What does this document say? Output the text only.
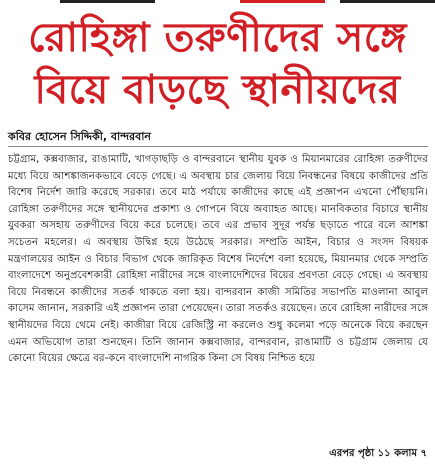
রোহিঙ্গা তরুণীদের সঙ্গে
বিয়ে বাড়ছে স্থানীয়দের
কবির হোসেন সিদ্দিকী, বান্দরবান

চট্টগ্রাম, কক্সবাজার, রাঙামাটি, খাগড়াছড়ি ও বান্দরবানে স্থানীয় যুবক ও মিয়ানমারের রোহিঙ্গা তরুণীদের মধ্যে বিয়ে আশঙ্কাজনকভাবে বেড়ে গেছে। এ অবস্থায় চার জেলায় বিয়ে নিবন্ধনের বিষয়ে কাজীদের প্রতি বিশেষ নির্দেশ জারি করেছে সরকার। তবে মাঠ পর্যায়ে কাজীদের কাছে এই প্রজ্ঞাপন এখনো পৌঁছায়নি। রোহিঙ্গা তরুণীদের সঙ্গে স্থানীয়দের প্রকাশ্য ও গোপনে বিয়ে অব্যাহত আছে। মানবিকতার বিচারে স্থানীয় যুবকরা অসহায় তরুণীদের বিয়ে করে চলেছে। তবে এর প্রভাব সুদূর পর্যন্ত ছড়াতে পারে বলে আশঙ্কা সচেতন মহলের। এ অবস্থায় উদ্বিগ্ন হয়ে উঠেছে সরকার। সম্প্রতি আইন, বিচার ও সংসদ বিষয়ক মন্ত্রণালয়ের আইন ও বিচার বিভাগ থেকে জারিকৃত বিশেষ নির্দেশে বলা হয়েছে, মিয়ানমার থেকে সম্প্রতি বাংলাদেশে অনুপ্রবেশকারী রোহিঙ্গা নারীদের সঙ্গে বাংলাদেশিদের বিয়ের প্রবণতা বেড়ে গেছে। এ অবস্থায় বিয়ে নিবন্ধনে কাজীদের সতর্ক থাকতে বলা হয়। বান্দরবান কাজী সমিতির সভাপতি মাওলানা আবুল কাসেম জানান, সরকারি এই প্রজ্ঞাপন তারা পেয়েছেন। তারা সতর্কও রয়েছেন। তবে রোহিঙ্গা নারীদের সঙ্গে স্থানীয়দের বিয়ে থেমে নেই। কাজীরা বিয়ে রেজিস্ট্রি না করলেও শুধু কলেমা পড়ে অনেকে বিয়ে করছেন এমন অভিযোগ তারা শুনছেন। তিনি জানান কক্সবাজার, বান্দরবান, রাঙামাটি ও চট্টগ্রাম জেলায় যে কোনো বিয়ের ক্ষেত্রে বর-কনে বাংলাদেশি নাগরিক কিনা সে বিষয় নিশ্চিত হয়ে

এরপর পৃষ্ঠা ১১ কলাম ৭
